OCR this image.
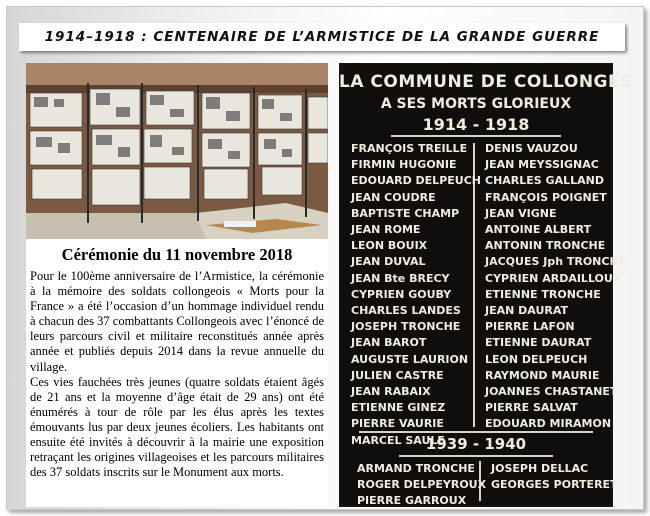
1914–1918 : CENTENAIRE DE L’ARMISTICE DE LA GRANDE GUERRE
Cérémonie du 11 novembre 2018

Pour le 100ème anniversaire de l’Armistice, la cérémonie à la mémoire des soldats collongeois « Morts pour la France » a été l’occasion d’un hommage individuel rendu à chacun des 37 combattants Collongeois avec l’énoncé de leurs parcours civil et militaire reconstitués année après année et publiés depuis 2014 dans la revue annuelle du village.

Ces vies fauchées très jeunes (quatre soldats étaient âgés de 21 ans et la moyenne d’âge était de 29 ans) ont été énumérés à tour de rôle par les élus après les textes émouvants lus par deux jeunes écoliers. Les habitants ont ensuite été invités à découvrir à la mairie une exposition retraçant les origines villageoises et les parcours militaires des 37 soldats inscrits sur le Monument aux morts.

LA COMMUNE DE COLLONGES
A SES MORTS GLORIEUX
1914 - 1918
FRANÇOIS TREILLE
FIRMIN HUGONIE
EDOUARD DELPEUCH
JEAN COUDRE
BAPTISTE CHAMP
JEAN ROME
LEON BOUIX
JEAN DUVAL
JEAN Bte BRECY
CYPRIEN GOUBY
CHARLES LANDES
JOSEPH TRONCHE
JEAN BAROT
AUGUSTE LAURION
JULIEN CASTRE
JEAN RABAIX
ETIENNE GINEZ
PIERRE VAURIE
MARCEL SAULE
DENIS VAUZOU
JEAN MEYSSIGNAC
CHARLES GALLAND
FRANÇOIS POIGNET
JEAN VIGNE
ANTOINE ALBERT
ANTONIN TRONCHE
JACQUES Jph TRONCHE
CYPRIEN ARDAILLOUX
ETIENNE TRONCHE
JEAN DAURAT
PIERRE LAFON
ETIENNE DAURAT
LEON DELPEUCH
RAYMOND MAURIE
JOANNES CHASTANET
PIERRE SALVAT
EDOUARD MIRAMON
1939 - 1940
ARMAND TRONCHE
ROGER DELPEYROUX
PIERRE GARROUX
JOSEPH DELLAC
GEORGES PORTERET
